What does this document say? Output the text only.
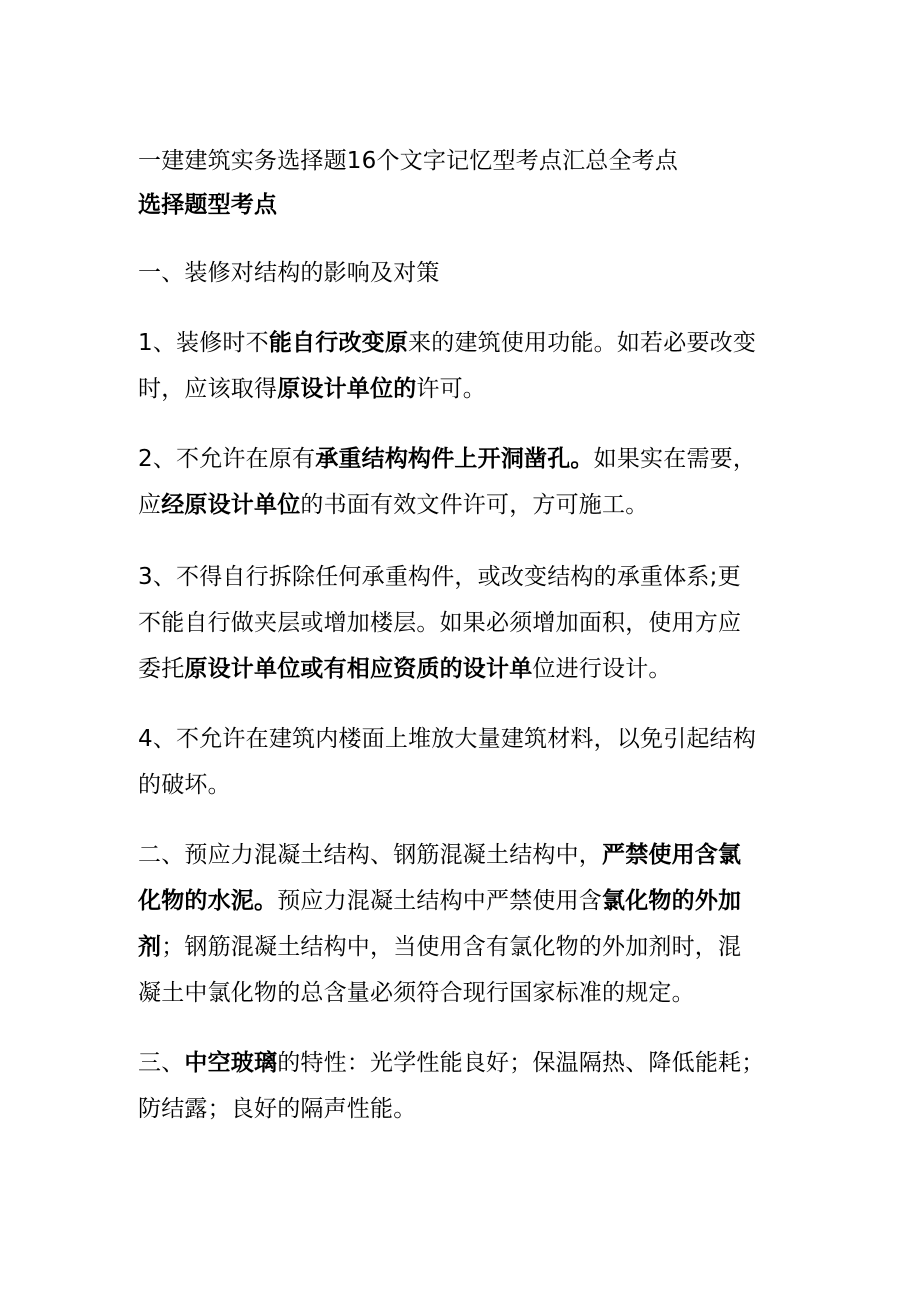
一建建筑实务选择题16个文字记忆型考点汇总全考点
选择题型考点
一、装修对结构的影响及对策
1、装修时不能自行改变原来的建筑使用功能。如若必要改变
时，应该取得原设计单位的许可。
2、不允许在原有承重结构构件上开洞凿孔。如果实在需要，
应经原设计单位的书面有效文件许可，方可施工。
3、不得自行拆除任何承重构件，或改变结构的承重体系;更
不能自行做夹层或增加楼层。如果必须增加面积，使用方应
委托原设计单位或有相应资质的设计单位进行设计。
4、不允许在建筑内楼面上堆放大量建筑材料，以免引起结构
的破坏。
二、预应力混凝土结构、钢筋混凝土结构中，严禁使用含氯
化物的水泥。预应力混凝土结构中严禁使用含氯化物的外加
剂；钢筋混凝土结构中，当使用含有氯化物的外加剂时，混
凝土中氯化物的总含量必须符合现行国家标准的规定。
三、中空玻璃的特性：光学性能良好；保温隔热、降低能耗；
防结露；良好的隔声性能。
